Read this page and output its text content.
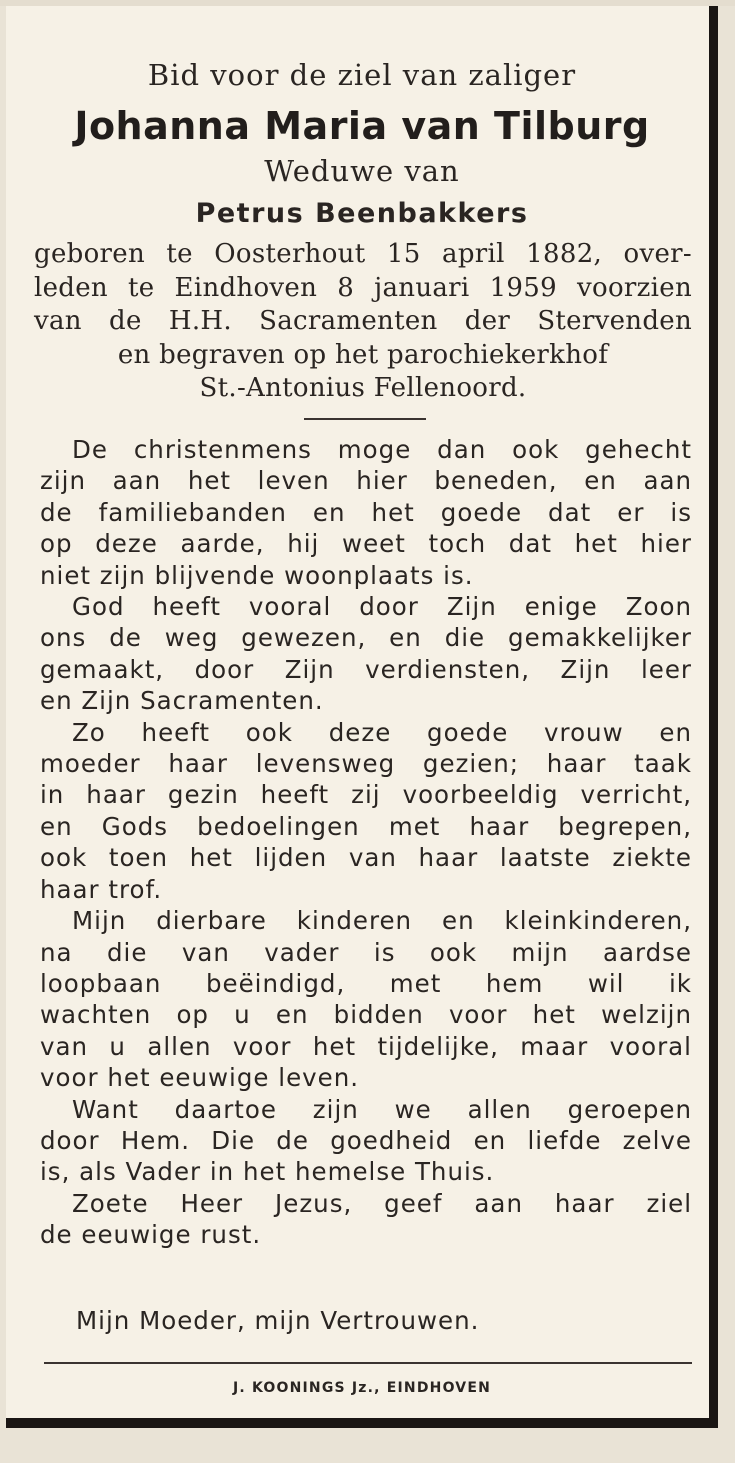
Bid voor de ziel van zaliger
Johanna Maria van Tilburg
Weduwe van
Petrus Beenbakkers
geboren te Oosterhout 15 april 1882, over-
leden te Eindhoven 8 januari 1959 voorzien
van de H.H. Sacramenten der Stervenden
en begraven op het parochiekerkhof
St.-Antonius Fellenoord.

De christenmens moge dan ook gehecht
zijn aan het leven hier beneden, en aan
de familiebanden en het goede dat er is
op deze aarde, hij weet toch dat het hier
niet zijn blijvende woonplaats is.

God heeft vooral door Zijn enige Zoon
ons de weg gewezen, en die gemakkelijker
gemaakt, door Zijn verdiensten, Zijn leer
en Zijn Sacramenten.

Zo heeft ook deze goede vrouw en
moeder haar levensweg gezien; haar taak
in haar gezin heeft zij voorbeeldig verricht,
en Gods bedoelingen met haar begrepen,
ook toen het lijden van haar laatste ziekte
haar trof.

Mijn dierbare kinderen en kleinkinderen,
na die van vader is ook mijn aardse
loopbaan beëindigd, met hem wil ik
wachten op u en bidden voor het welzijn
van u allen voor het tijdelijke, maar vooral
voor het eeuwige leven.

Want daartoe zijn we allen geroepen
door Hem. Die de goedheid en liefde zelve
is, als Vader in het hemelse Thuis.

Zoete Heer Jezus, geef aan haar ziel
de eeuwige rust.

Mijn Moeder, mijn Vertrouwen.
J. KOONINGS Jz., EINDHOVEN
